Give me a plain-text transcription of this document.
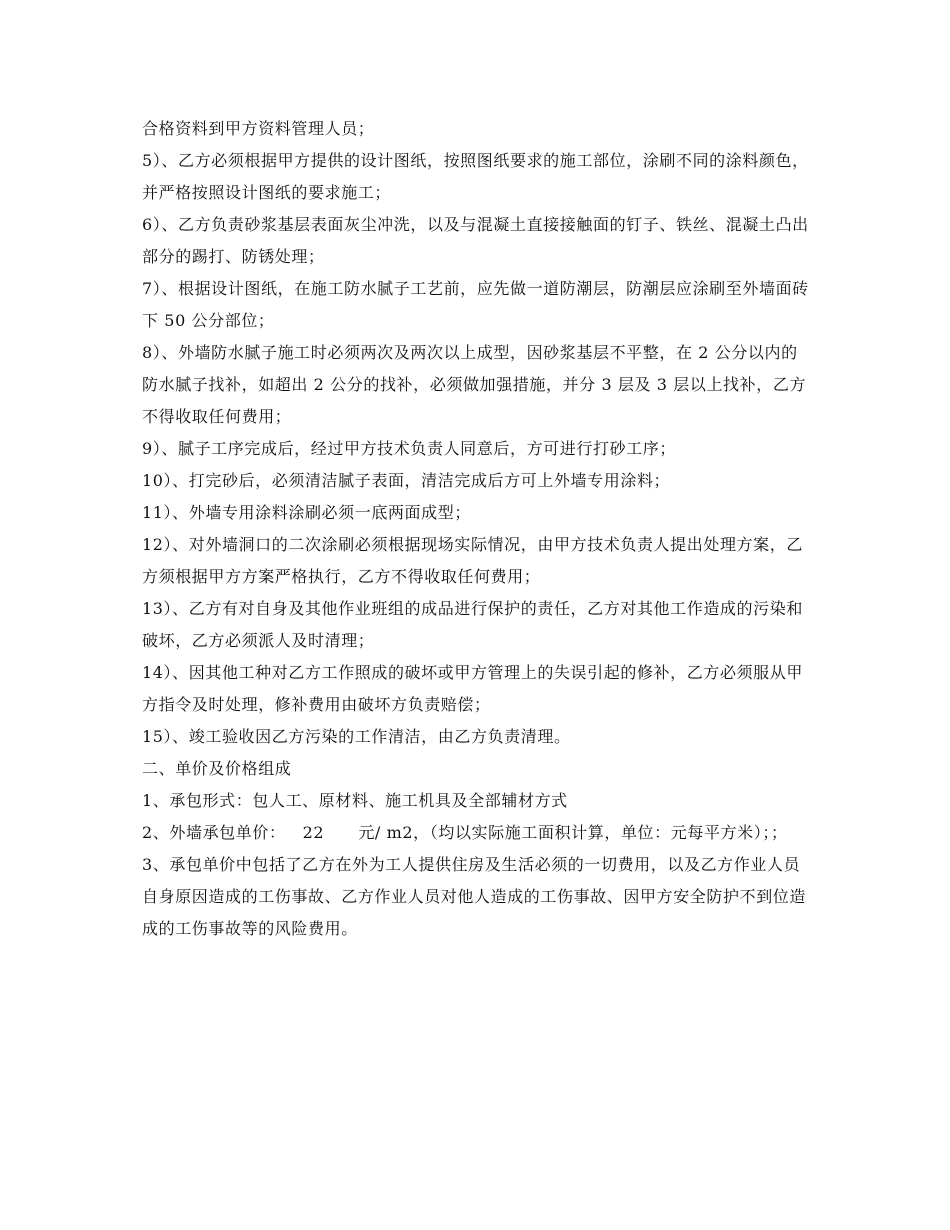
合格资料到甲方资料管理人员；

5）、乙方必须根据甲方提供的设计图纸，按照图纸要求的施工部位，涂刷不同的涂料颜色，并严格按照设计图纸的要求施工；

6）、乙方负责砂浆基层表面灰尘冲洗，以及与混凝土直接接触面的钉子、铁丝、混凝土凸出部分的踢打、防锈处理；

7）、根据设计图纸，在施工防水腻子工艺前，应先做一道防潮层，防潮层应涂刷至外墙面砖下 50 公分部位；

8）、外墙防水腻子施工时必须两次及两次以上成型，因砂浆基层不平整，在 2 公分以内的防水腻子找补，如超出 2 公分的找补，必须做加强措施，并分 3 层及 3 层以上找补，乙方不得收取任何费用；

9）、腻子工序完成后，经过甲方技术负责人同意后，方可进行打砂工序；

10）、打完砂后，必须清洁腻子表面，清洁完成后方可上外墙专用涂料；

11）、外墙专用涂料涂刷必须一底两面成型；

12）、对外墙洞口的二次涂刷必须根据现场实际情况，由甲方技术负责人提出处理方案，乙方须根据甲方方案严格执行，乙方不得收取任何费用；

13）、乙方有对自身及其他作业班组的成品进行保护的责任，乙方对其他工作造成的污染和破坏，乙方必须派人及时清理；

14）、因其他工种对乙方工作照成的破坏或甲方管理上的失误引起的修补，乙方必须服从甲方指令及时处理，修补费用由破坏方负责赔偿；

15）、竣工验收因乙方污染的工作清洁，由乙方负责清理。

二、单价及价格组成

1、承包形式：包人工、原材料、施工机具及全部辅材方式

2、外墙承包单价：   22      元/ m2，（均以实际施工面积计算，单位：元每平方米）；；

3、承包单价中包括了乙方在外为工人提供住房及生活必须的一切费用，以及乙方作业人员自身原因造成的工伤事故、乙方作业人员对他人造成的工伤事故、因甲方安全防护不到位造成的工伤事故等的风险费用。
